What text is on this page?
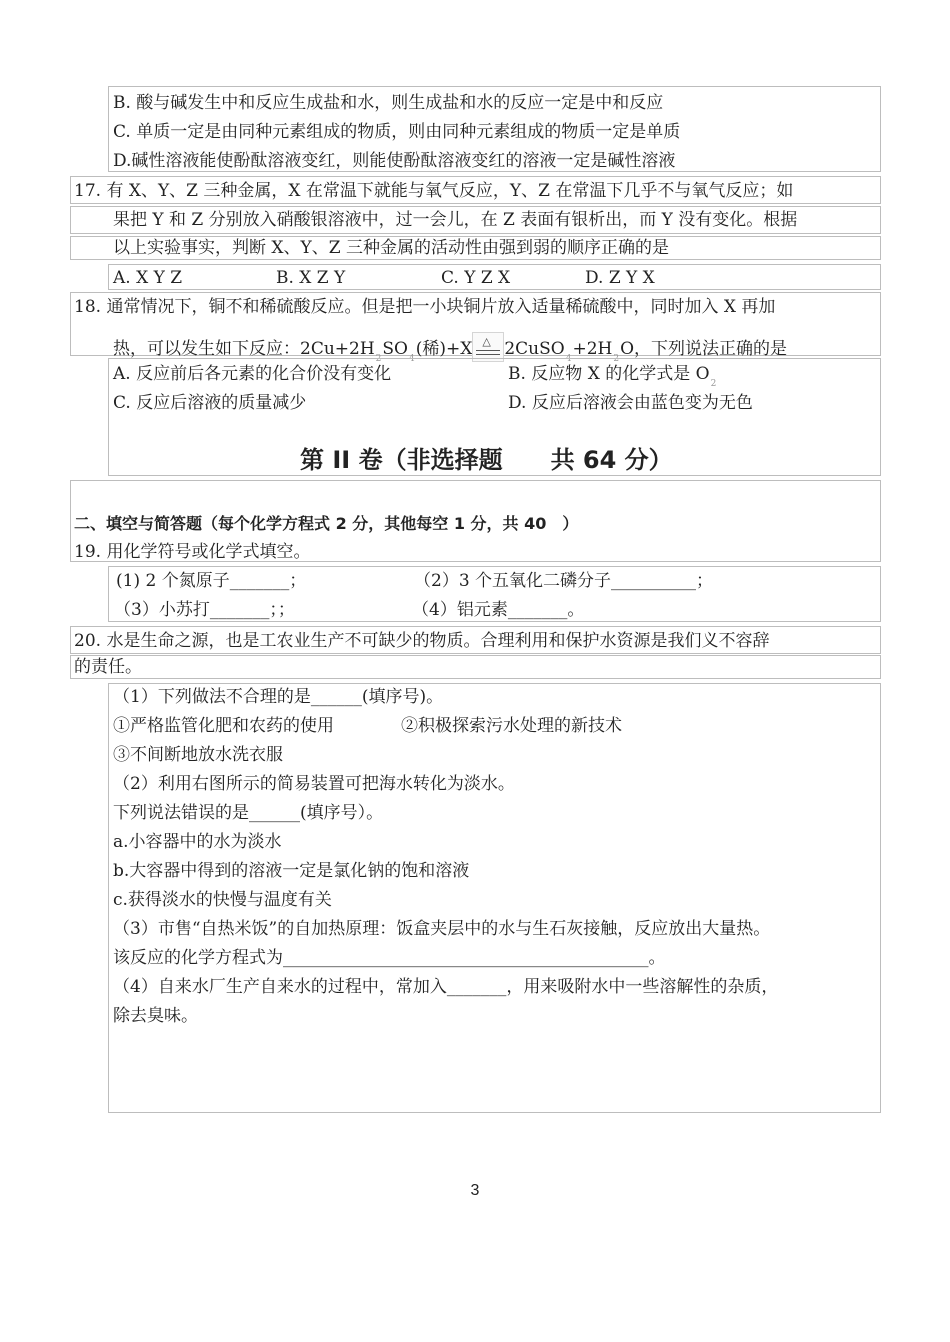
B. 酸与碱发生中和反应生成盐和水，则生成盐和水的反应一定是中和反应
C. 单质一定是由同种元素组成的物质，则由同种元素组成的物质一定是单质
D.碱性溶液能使酚酞溶液变红，则能使酚酞溶液变红的溶液一定是碱性溶液
17. 有 X、Y、Z 三种金属，X 在常温下就能与氧气反应，Y、Z 在常温下几乎不与氧气反应；如
果把 Y 和 Z 分别放入硝酸银溶液中，过一会儿，在 Z 表面有银析出，而 Y 没有变化。根据
以上实验事实，判断 X、Y、Z 三种金属的活动性由强到弱的顺序正确的是
A. X Y Z	B. X Z Y	C. Y Z X	D. Z Y X
18. 通常情况下，铜不和稀硫酸反应。但是把一小块铜片放入适量稀硫酸中，同时加入 X 再加
热，可以发生如下反应：$2Cu+2H_2SO_4$(稀)+X △ $2CuSO_4+2H_2O$，下列说法正确的是
A. 反应前后各元素的化合价没有变化	B. 反应物 X 的化学式是 $O_2$
C. 反应后溶液的质量减少	D. 反应后溶液会由蓝色变为无色
第 II 卷（非选择题　　共 64 分）
二、填空与简答题（每个化学方程式 2 分，其他每空 1 分，共 40　）
19. 用化学符号或化学式填空。
(1) 2 个氮原子_______；	（2）3 个五氧化二磷分子__________；
（3）小苏打_______；；	（4）铝元素_______。
20. 水是生命之源，也是工农业生产不可缺少的物质。合理利用和保护水资源是我们义不容辞
的责任。
（1）下列做法不合理的是______(填序号)。
①严格监管化肥和农药的使用	②积极探索污水处理的新技术
③不间断地放水洗衣服
（2）利用右图所示的简易装置可把海水转化为淡水。
下列说法错误的是______(填序号）。
a.小容器中的水为淡水
b.大容器中得到的溶液一定是氯化钠的饱和溶液
c.获得淡水的快慢与温度有关
（3）市售“自热米饭”的自加热原理：饭盒夹层中的水与生石灰接触，反应放出大量热。
该反应的化学方程式为___________________________________________。
（4）自来水厂生产自来水的过程中，常加入_______，用来吸附水中一些溶解性的杂质，
除去臭味。
3
